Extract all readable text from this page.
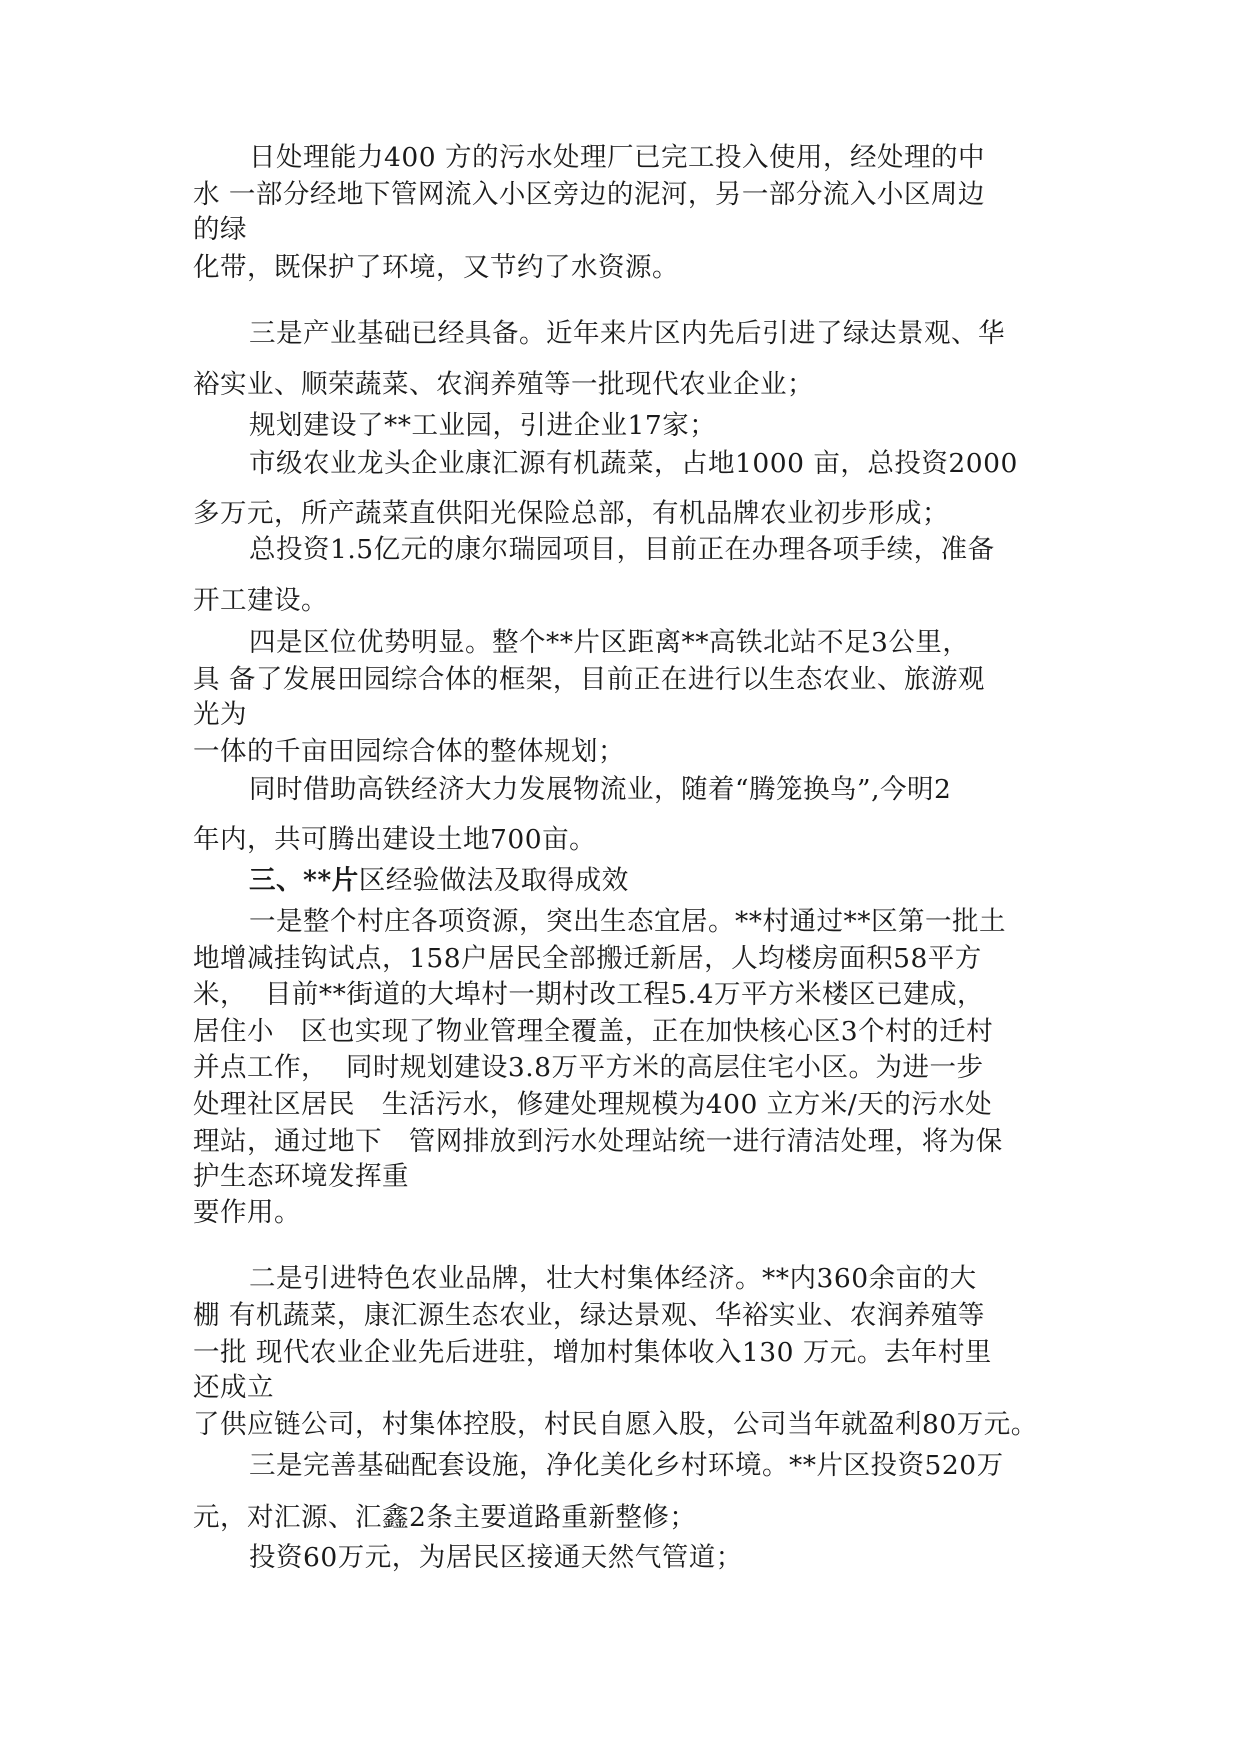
日处理能力400 方的污水处理厂已完工投入使用，经处理的中

水 一部分经地下管网流入小区旁边的泥河，另一部分流入小区周边

的绿

化带，既保护了环境，又节约了水资源。

三是产业基础已经具备。近年来片区内先后引进了绿达景观、华

裕实业、顺荣蔬菜、农润养殖等一批现代农业企业；

规划建设了**工业园，引进企业17家；

市级农业龙头企业康汇源有机蔬菜，占地1000 亩，总投资2000

多万元，所产蔬菜直供阳光保险总部，有机品牌农业初步形成；

总投资1.5亿元的康尔瑞园项目，目前正在办理各项手续，准备

开工建设。

四是区位优势明显。整个**片区距离**高铁北站不足3公里，

具 备了发展田园综合体的框架，目前正在进行以生态农业、旅游观

光为

一体的千亩田园综合体的整体规划；

同时借助高铁经济大力发展物流业，随着“腾笼换鸟”,今明2

年内，共可腾出建设土地700亩。

三、**片区经验做法及取得成效

一是整个村庄各项资源，突出生态宜居。**村通过**区第一批土

地增减挂钩试点，158户居民全部搬迁新居，人均楼房面积58平方

米，  目前**街道的大埠村一期村改工程5.4万平方米楼区已建成，

居住小   区也实现了物业管理全覆盖，正在加快核心区3个村的迁村

并点工作，  同时规划建设3.8万平方米的高层住宅小区。为进一步

处理社区居民   生活污水，修建处理规模为400 立方米/天的污水处

理站，通过地下   管网排放到污水处理站统一进行清洁处理，将为保

护生态环境发挥重

要作用。

二是引进特色农业品牌，壮大村集体经济。**内360余亩的大

棚 有机蔬菜，康汇源生态农业，绿达景观、华裕实业、农润养殖等

一批 现代农业企业先后进驻，增加村集体收入130 万元。去年村里

还成立

了供应链公司，村集体控股，村民自愿入股，公司当年就盈利80万元。

三是完善基础配套设施，净化美化乡村环境。**片区投资520万

元，对汇源、汇鑫2条主要道路重新整修；

投资60万元，为居民区接通天然气管道；
